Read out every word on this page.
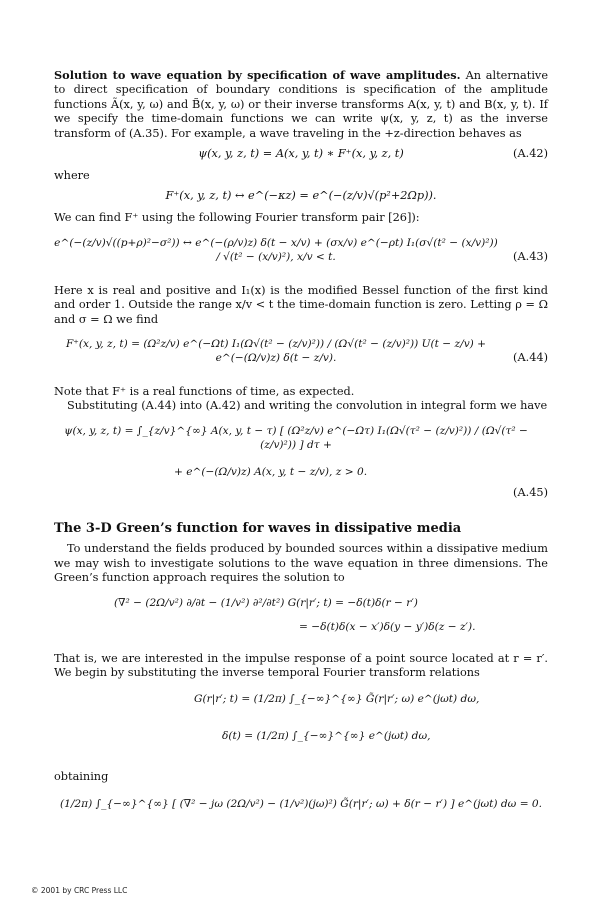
Solution to wave equation by specification of wave amplitudes. An alternative to direct specification of boundary conditions is specification of the amplitude functions Ã(x, y, ω) and B̃(x, y, ω) or their inverse transforms A(x, y, t) and B(x, y, t). If we specify the time-domain functions we can write ψ(x, y, z, t) as the inverse transform of (A.35). For example, a wave traveling in the +z-direction behaves as

ψ(x, y, z, t) = A(x, y, t) ∗ F⁺(x, y, z, t)	(A.42)

where

F⁺(x, y, z, t) ↔ e^(−κz) = e^(−(z/v)√(p²+2Ωp)).

We can find F⁺ using the following Fourier transform pair [26]):

e^(−(z/v)√((p+ρ)²−σ²)) ↔ e^(−(ρ/v)z) δ(t − x/v) + (σx/v) e^(−ρt) I₁(σ√(t² − (x/v)²)) / √(t² − (x/v)²), x/v < t.	(A.43)

Here x is real and positive and I₁(x) is the modified Bessel function of the first kind and order 1. Outside the range x/v < t the time-domain function is zero. Letting ρ = Ω and σ = Ω we find

F⁺(x, y, z, t) = (Ω²z/v) e^(−Ωt) I₁(Ω√(t² − (z/v)²)) / (Ω√(t² − (z/v)²)) U(t − z/v) + e^(−(Ω/v)z) δ(t − z/v).	(A.44)

Note that F⁺ is a real functions of time, as expected.

Substituting (A.44) into (A.42) and writing the convolution in integral form we have

ψ(x, y, z, t) = ∫_{z/v}^{∞} A(x, y, t − τ) [ (Ω²z/v) e^(−Ωτ) I₁(Ω√(τ² − (z/v)²)) / (Ω√(τ² − (z/v)²)) ] dτ +
+ e^(−(Ω/v)z) A(x, y, t − z/v), z > 0.
(A.45)
The 3-D Green’s function for waves in dissipative media

To understand the fields produced by bounded sources within a dissipative medium we may wish to investigate solutions to the wave equation in three dimensions. The Green’s function approach requires the solution to

(∇² − (2Ω/v²) ∂/∂t − (1/v²) ∂²/∂t²) G(r|r′; t) = −δ(t)δ(r − r′)
= −δ(t)δ(x − x′)δ(y − y′)δ(z − z′).

That is, we are interested in the impulse response of a point source located at r = r′. We begin by substituting the inverse temporal Fourier transform relations

G(r|r′; t) = (1/2π) ∫_{−∞}^{∞} G̃(r|r′; ω) e^(jωt) dω,
δ(t) = (1/2π) ∫_{−∞}^{∞} e^(jωt) dω,

obtaining

(1/2π) ∫_{−∞}^{∞} [ (∇² − jω (2Ω/v²) − (1/v²)(jω)²) G̃(r|r′; ω) + δ(r − r′) ] e^(jωt) dω = 0.
© 2001 by CRC Press LLC
